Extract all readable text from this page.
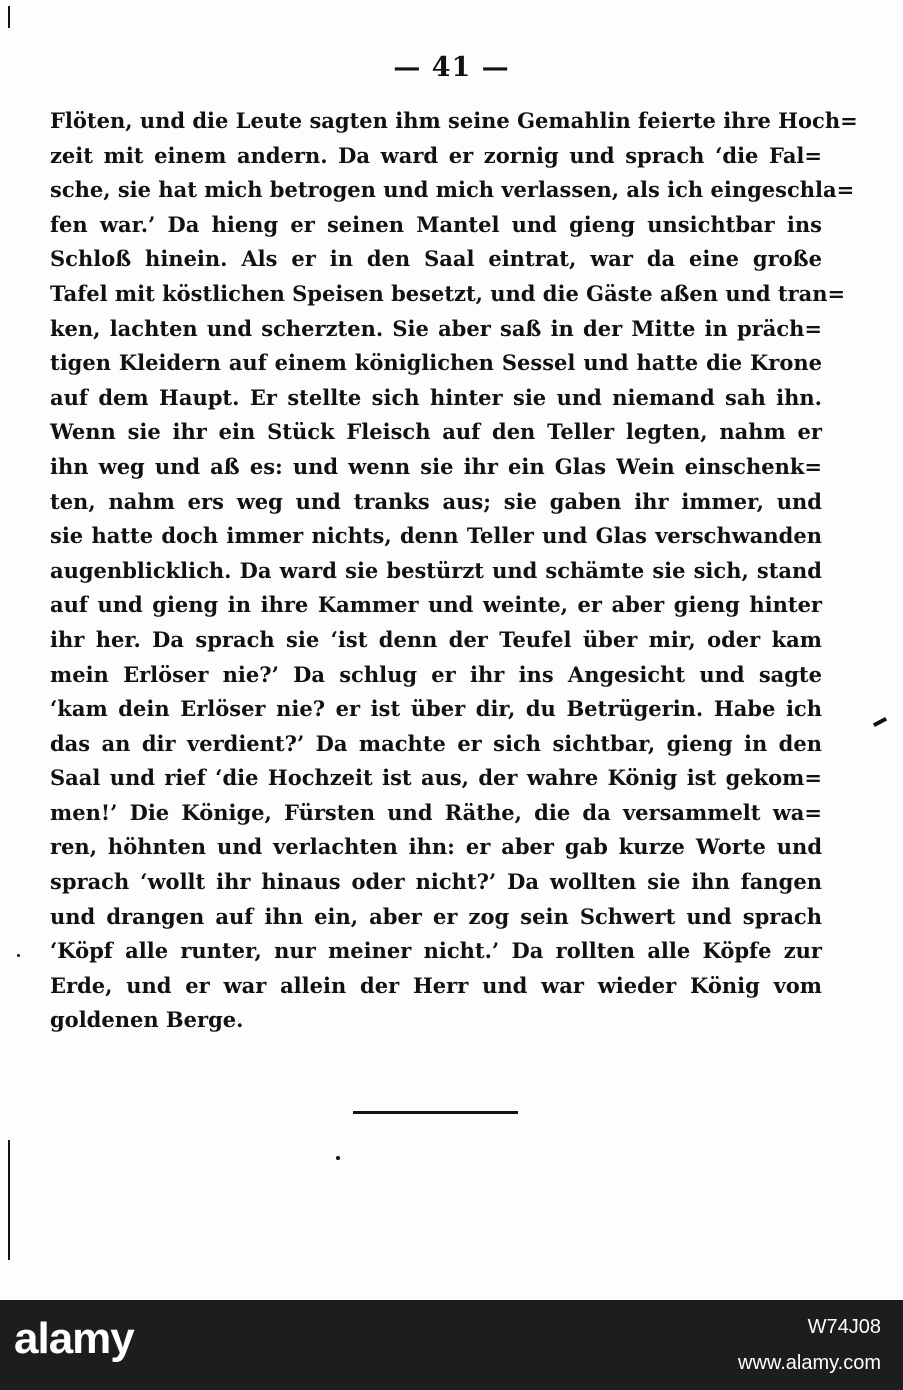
— 41 —
Flöten, und die Leute sagten ihm seine Gemahlin feierte ihre Hoch=
zeit mit einem andern. Da ward er zornig und sprach ‘die Fal=
sche, sie hat mich betrogen und mich verlassen, als ich eingeschla=
fen war.’ Da hieng er seinen Mantel und gieng unsichtbar ins
Schloß hinein. Als er in den Saal eintrat, war da eine große
Tafel mit köstlichen Speisen besetzt, und die Gäste aßen und tran=
ken, lachten und scherzten. Sie aber saß in der Mitte in präch=
tigen Kleidern auf einem königlichen Sessel und hatte die Krone
auf dem Haupt. Er stellte sich hinter sie und niemand sah ihn.
Wenn sie ihr ein Stück Fleisch auf den Teller legten, nahm er
ihn weg und aß es: und wenn sie ihr ein Glas Wein einschenk=
ten, nahm ers weg und tranks aus; sie gaben ihr immer, und
sie hatte doch immer nichts, denn Teller und Glas verschwanden
augenblicklich. Da ward sie bestürzt und schämte sie sich, stand
auf und gieng in ihre Kammer und weinte, er aber gieng hinter
ihr her. Da sprach sie ‘ist denn der Teufel über mir, oder kam
mein Erlöser nie?’ Da schlug er ihr ins Angesicht und sagte
‘kam dein Erlöser nie? er ist über dir, du Betrügerin. Habe ich
das an dir verdient?’ Da machte er sich sichtbar, gieng in den
Saal und rief ‘die Hochzeit ist aus, der wahre König ist gekom=
men!’ Die Könige, Fürsten und Räthe, die da versammelt wa=
ren, höhnten und verlachten ihn: er aber gab kurze Worte und
sprach ‘wollt ihr hinaus oder nicht?’ Da wollten sie ihn fangen
und drangen auf ihn ein, aber er zog sein Schwert und sprach
‘Köpf alle runter, nur meiner nicht.’ Da rollten alle Köpfe zur
Erde, und er war allein der Herr und war wieder König vom
goldenen Berge.
alamy	W74J08
www.alamy.com
